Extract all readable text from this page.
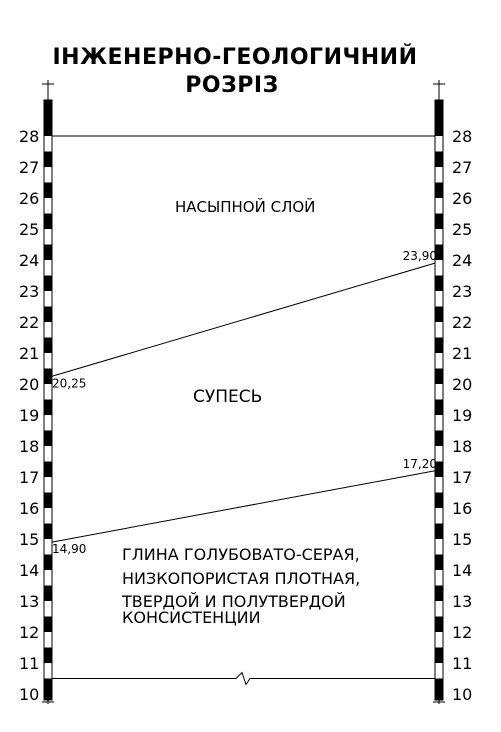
ІНЖЕНЕРНО-ГЕОЛОГИЧНИЙ
РОЗРІЗ
10
11
12
13
14
15
16
17
18
19
20
21
22
23
24
25
26
27
28
10
11
12
13
14
15
16
17
18
19
20
21
22
23
24
25
26
27
28
20,25
23,90
14,90
17,20
НАСЫПНОЙ СЛОЙ
СУПЕСЬ
ГЛИНА ГОЛУБОВАТО-СЕРАЯ,
НИЗКОПОРИСТАЯ ПЛОТНАЯ,
ТВЕРДОЙ И ПОЛУТВЕРДОЙ
КОНСИСТЕНЦИИ
